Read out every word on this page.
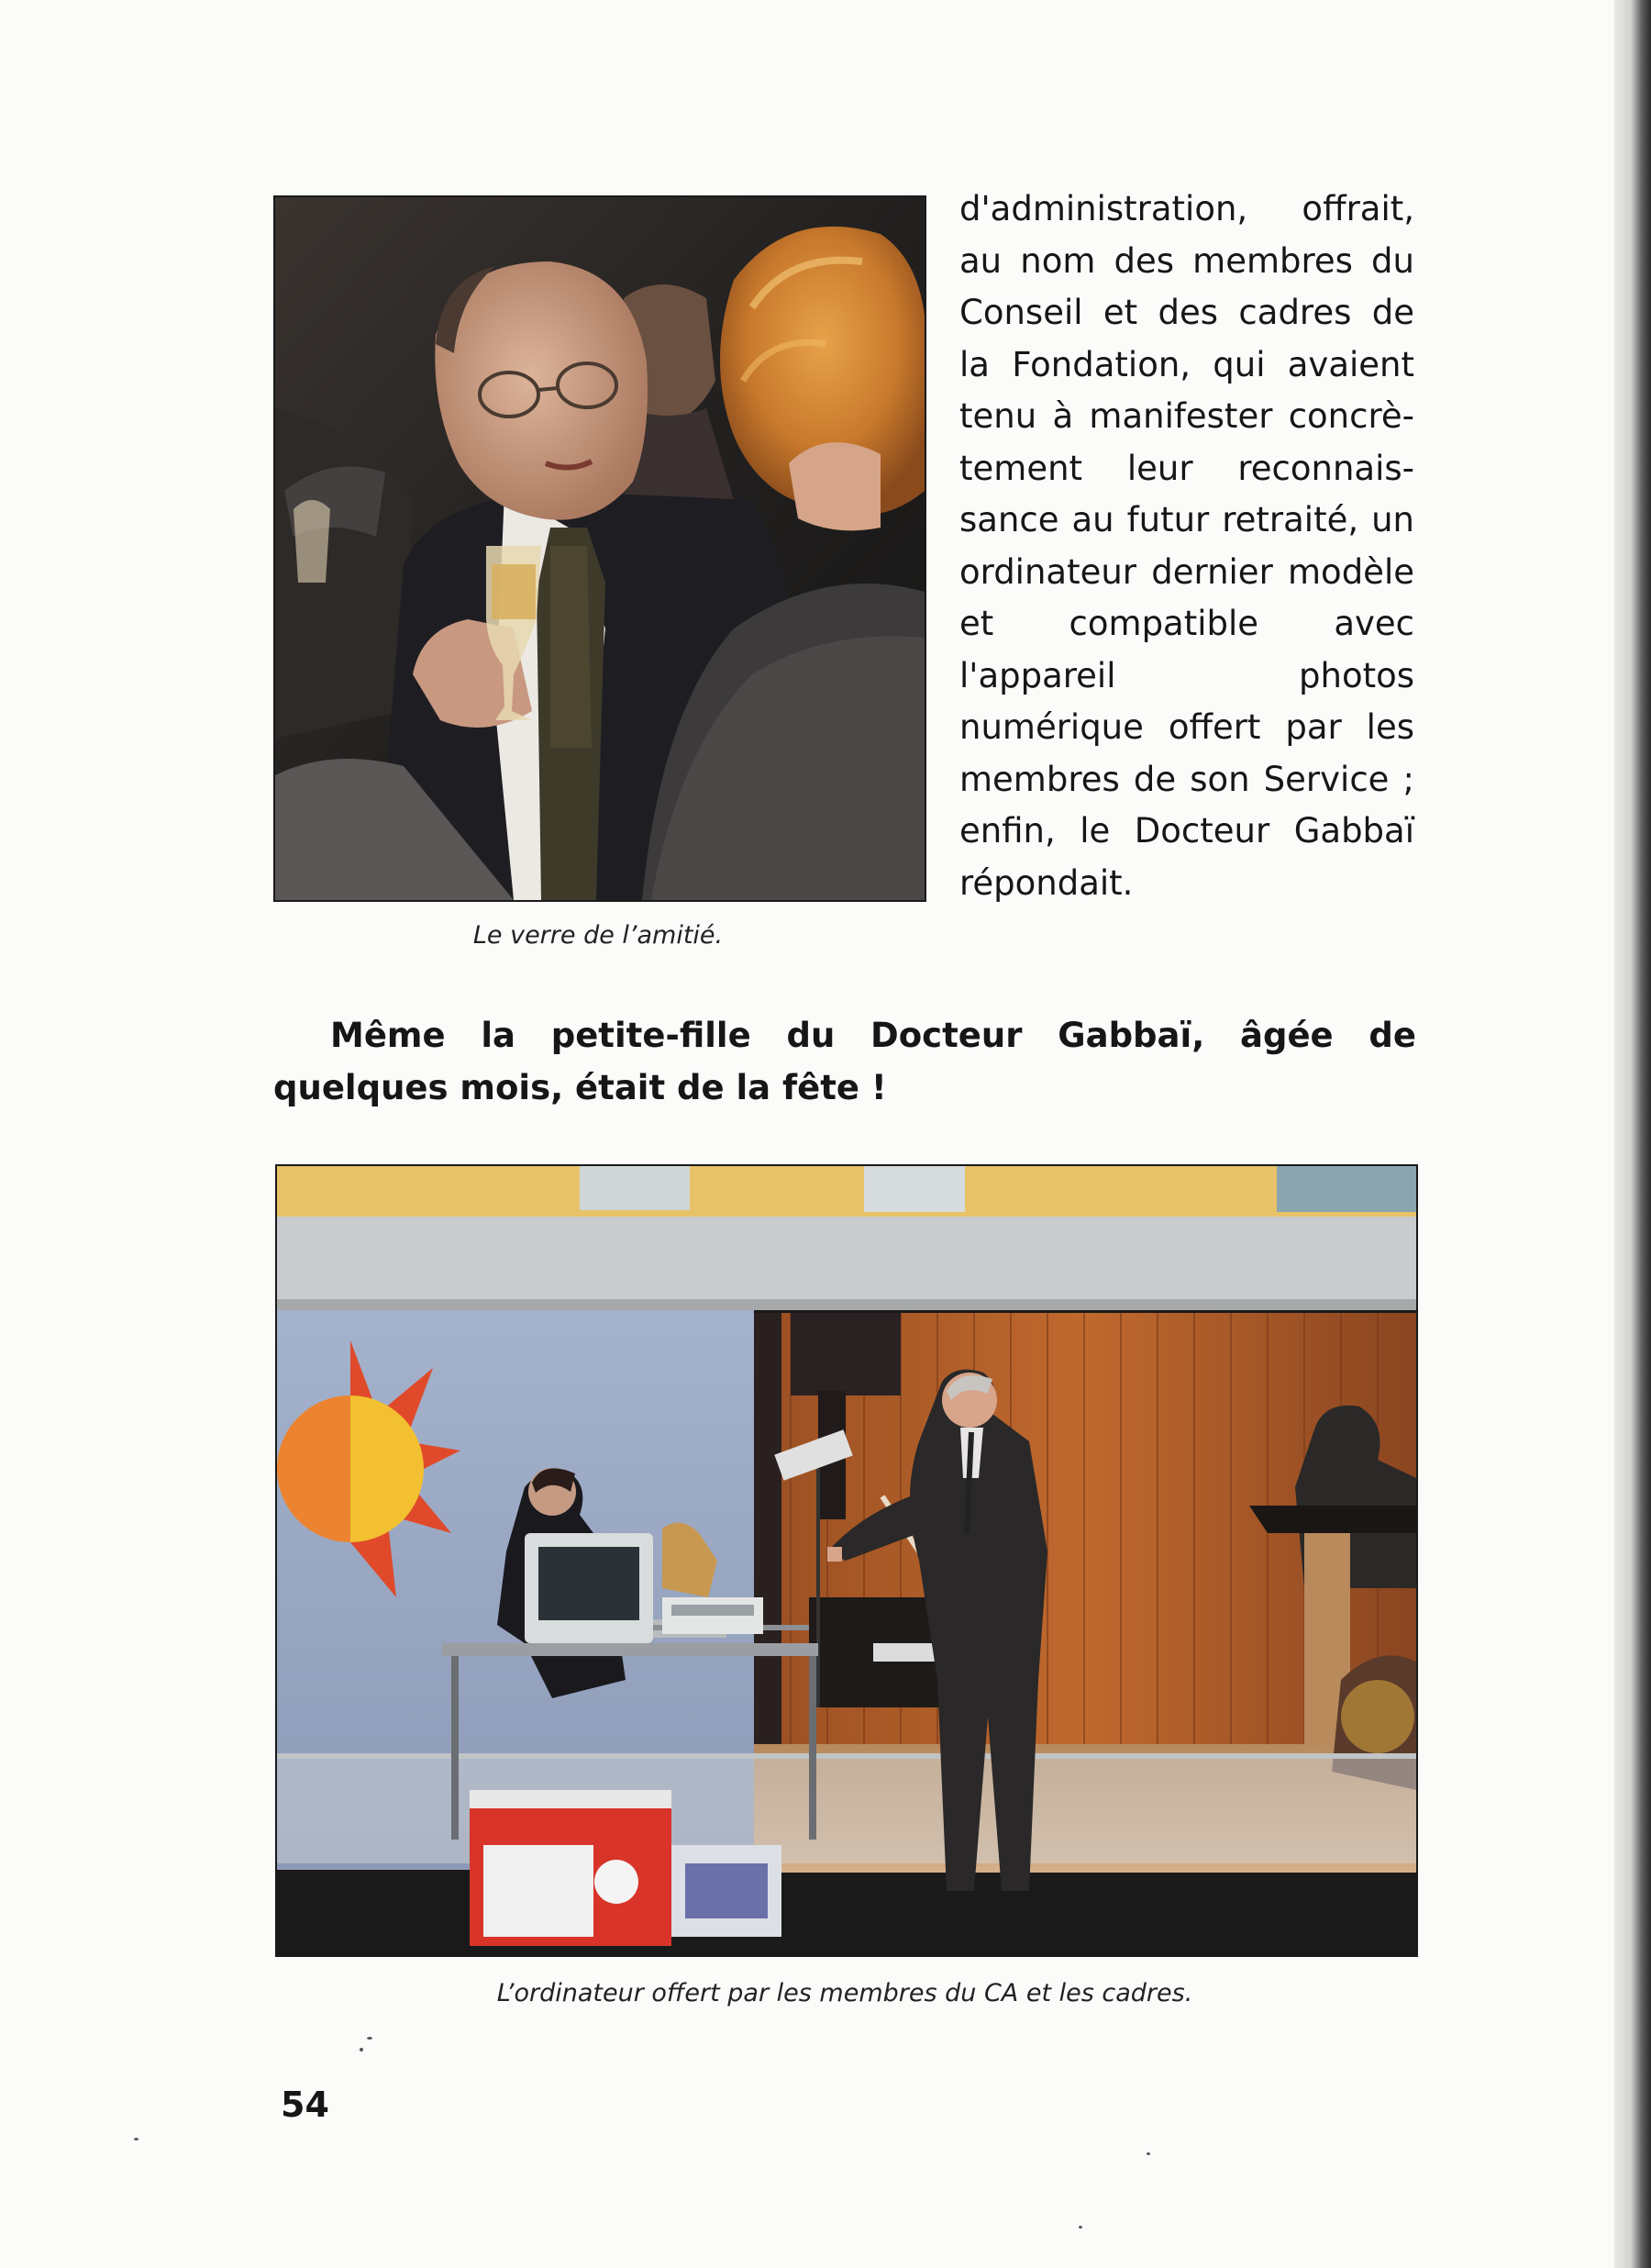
Le verre de l’amitié.

d'administration, offrait, au nom des membres du Conseil et des cadres de la Fondation, qui avaient tenu à manifester concrè-tement leur reconnais-sance au futur retraité, un ordinateur dernier modèle et compatible avec l'appareil photos numérique offert par les membres de son Service ; enfin, le Docteur Gabbaï répondait.

Même la petite-fille du Docteur Gabbaï, âgée de quelques mois, était de la fête !

L’ordinateur offert par les membres du CA et les cadres.

54
